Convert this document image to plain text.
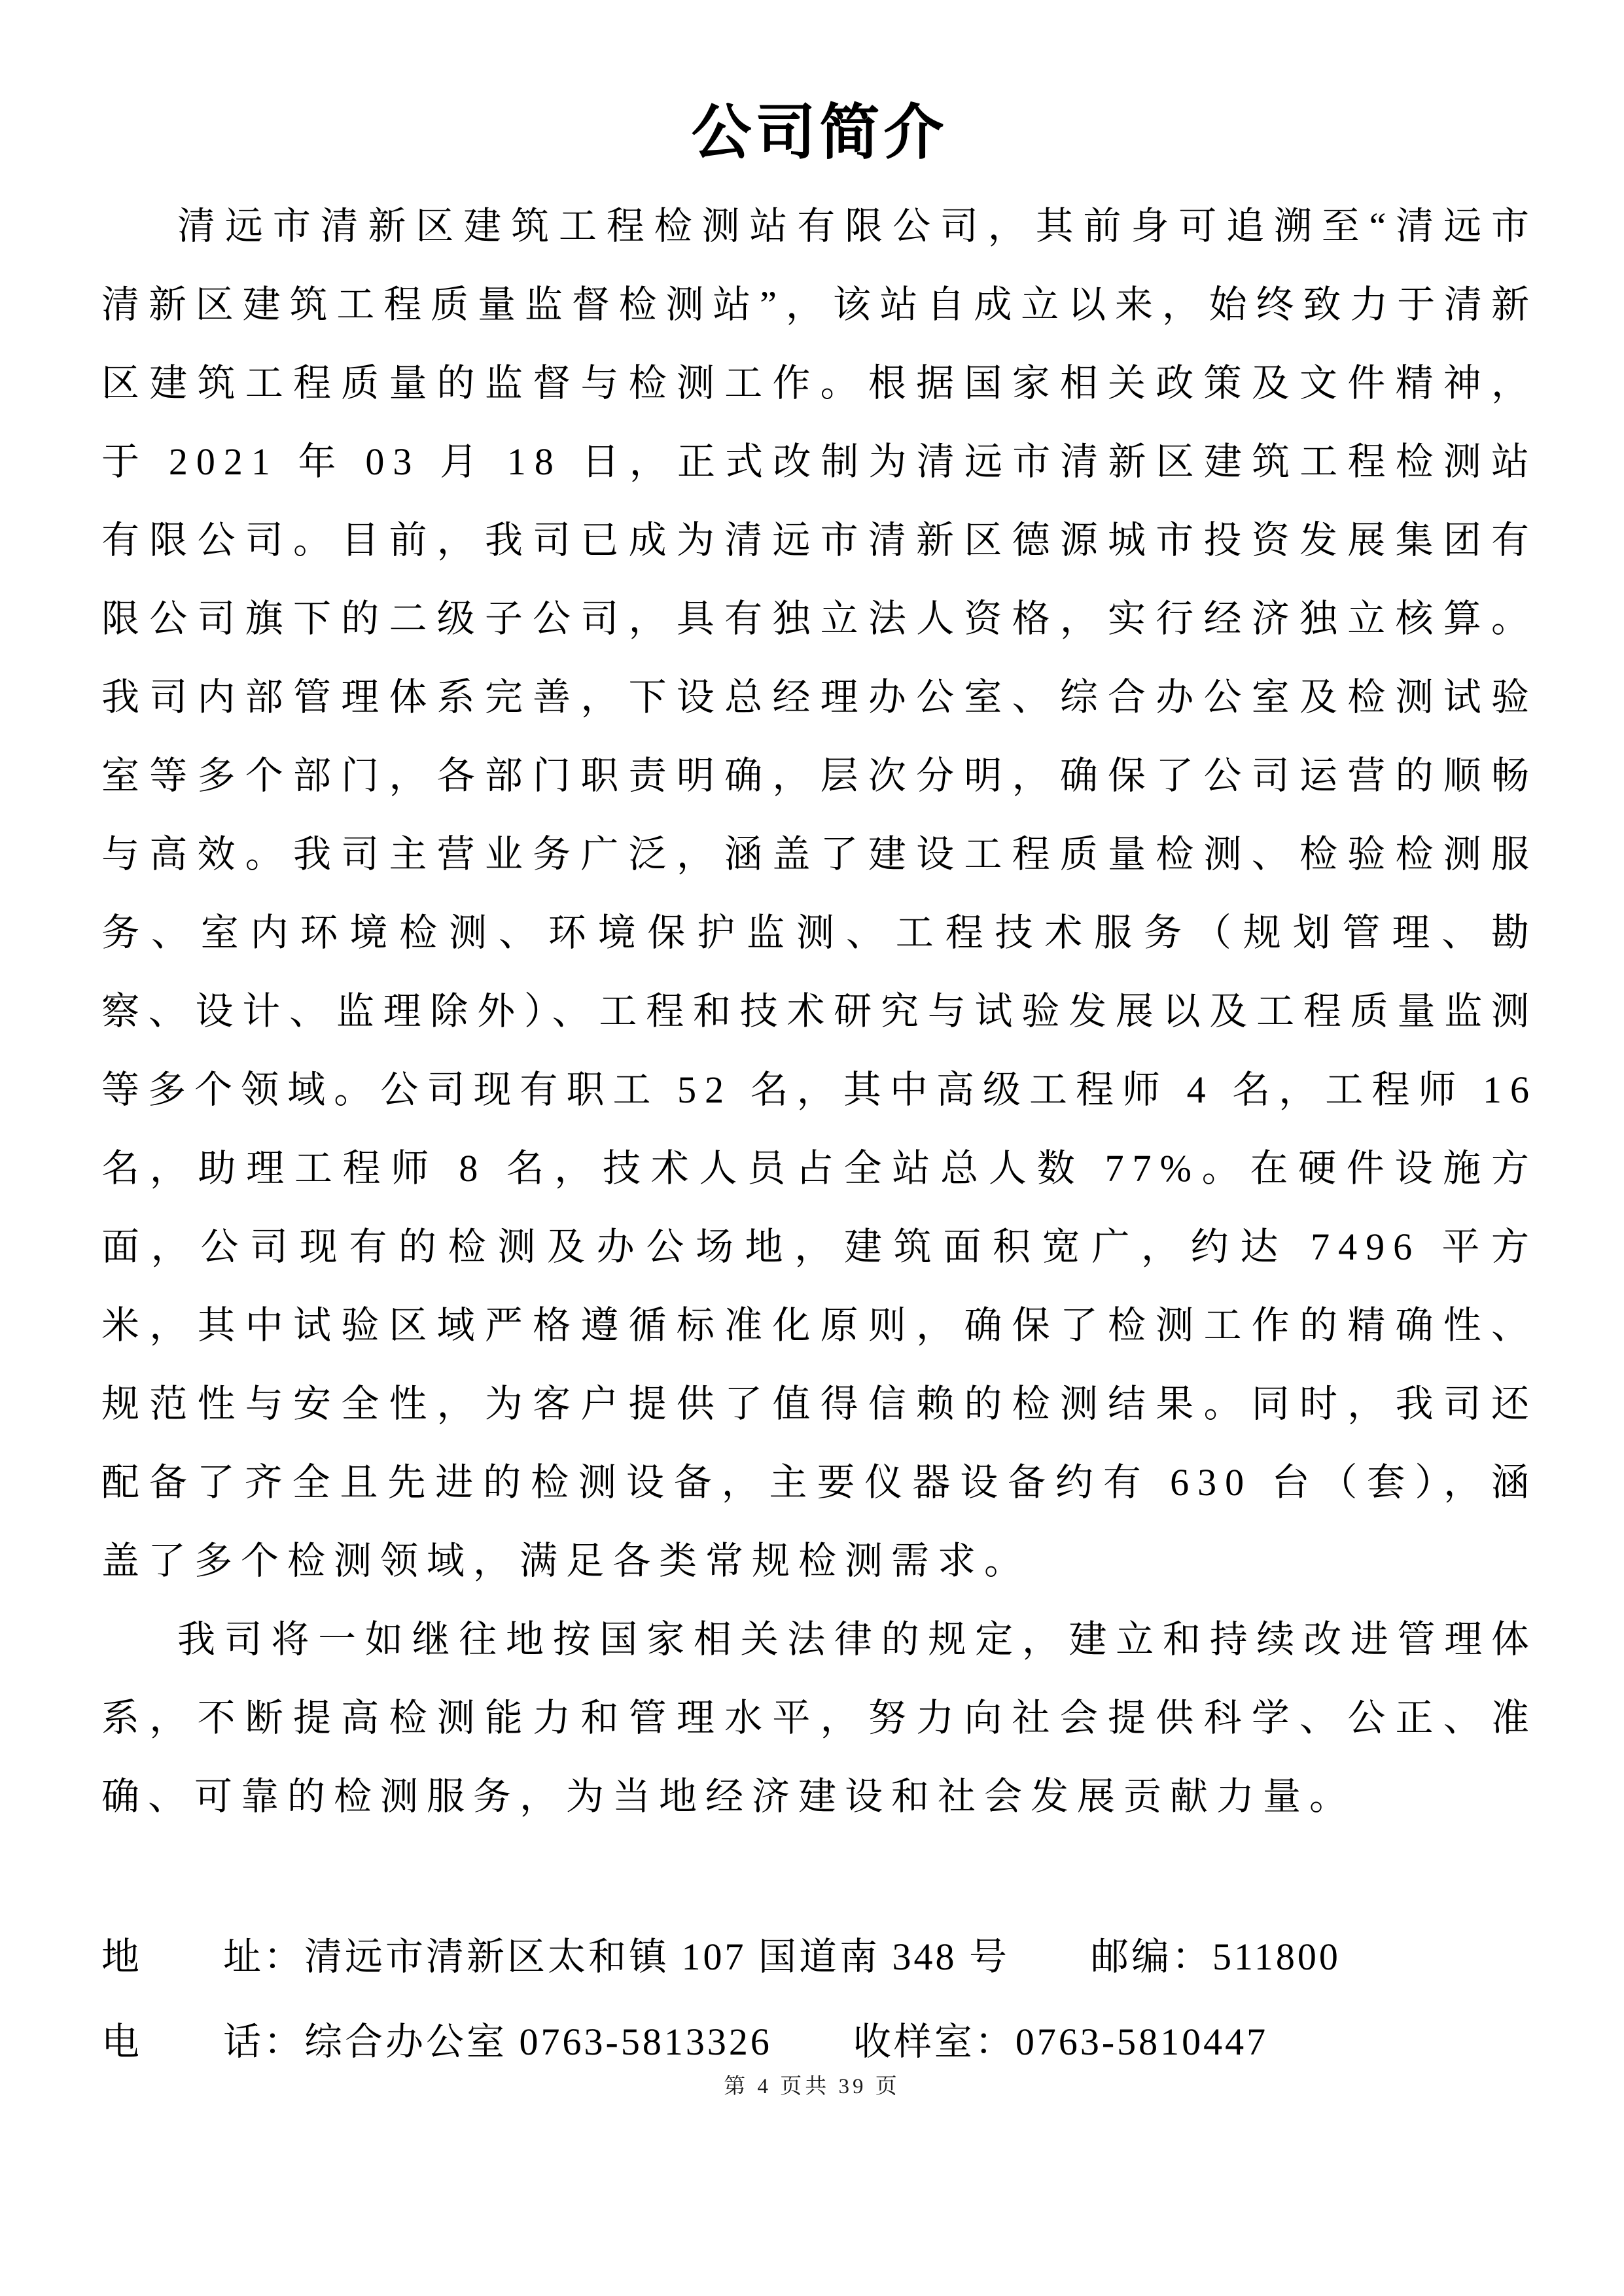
公司简介

清远市清新区建筑工程检测站有限公司，其前身可追溯至“清远市清新区建筑工程质量监督检测站”，该站自成立以来，始终致力于清新区建筑工程质量的监督与检测工作。根据国家相关政策及文件精神，于 2021 年 03 月 18 日，正式改制为清远市清新区建筑工程检测站有限公司。目前，我司已成为清远市清新区德源城市投资发展集团有限公司旗下的二级子公司，具有独立法人资格，实行经济独立核算。我司内部管理体系完善，下设总经理办公室、综合办公室及检测试验室等多个部门，各部门职责明确，层次分明，确保了公司运营的顺畅与高效。我司主营业务广泛，涵盖了建设工程质量检测、检验检测服务、室内环境检测、环境保护监测、工程技术服务（规划管理、勘察、设计、监理除外）、工程和技术研究与试验发展以及工程质量监测等多个领域。公司现有职工 52 名，其中高级工程师 4 名，工程师 16 名，助理工程师 8 名，技术人员占全站总人数 77%。在硬件设施方面，公司现有的检测及办公场地，建筑面积宽广，约达 7496 平方米，其中试验区域严格遵循标准化原则，确保了检测工作的精确性、规范性与安全性，为客户提供了值得信赖的检测结果。同时，我司还配备了齐全且先进的检测设备，主要仪器设备约有 630 台（套），涵盖了多个检测领域，满足各类常规检测需求。

我司将一如继往地按国家相关法律的规定，建立和持续改进管理体系，不断提高检测能力和管理水平，努力向社会提供科学、公正、准确、可靠的检测服务，为当地经济建设和社会发展贡献力量。

地　　址：清远市清新区太和镇 107 国道南 348 号　　邮编：511800

电　　话：综合办公室 0763-5813326　　收样室：0763-5810447

第 4 页共 39 页
